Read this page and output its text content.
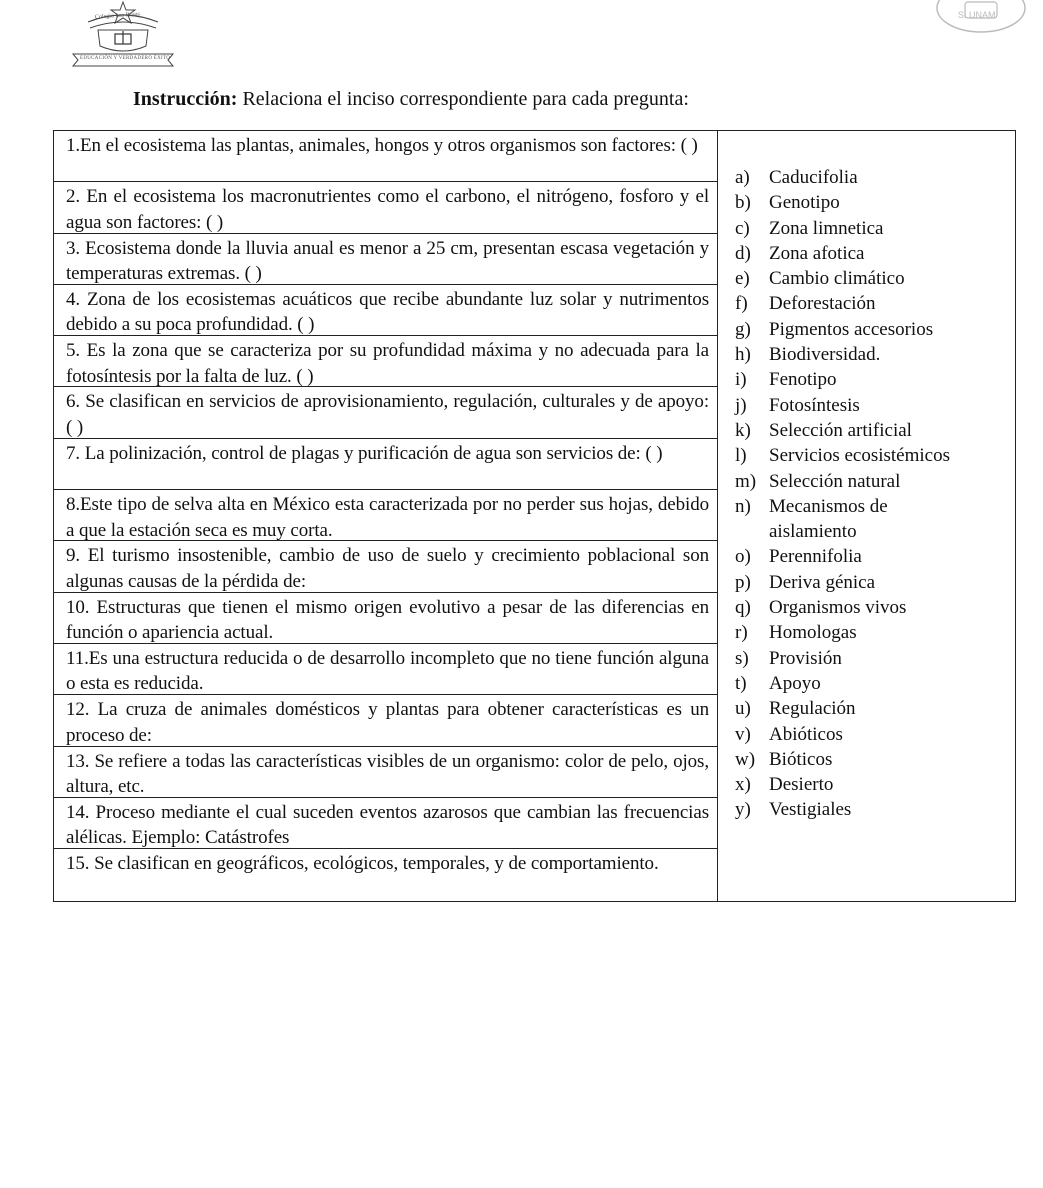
Colegio Las Rosas
EDUCACIÓN Y VERDADERO ÉXITO
SI UNAM
Instrucción: Relaciona el inciso correspondiente para cada pregunta:
1.En el ecosistema las plantas, animales, hongos y otros organismos son factores: ( )
2. En el ecosistema los macronutrientes como el carbono, el nitrógeno, fosforo y el agua son factores: ( )
3. Ecosistema donde la lluvia anual es menor a 25 cm, presentan escasa vegetación y temperaturas extremas. ( )
4. Zona de los ecosistemas acuáticos que recibe abundante luz solar y nutrimentos debido a su poca profundidad. ( )
5. Es la zona que se caracteriza por su profundidad máxima y no adecuada para la fotosíntesis por la falta de luz. ( )
6. Se clasifican en servicios de aprovisionamiento, regulación, culturales y de apoyo: ( )
7. La polinización, control de plagas y purificación de agua son servicios de: ( )
8.Este tipo de selva alta en México esta caracterizada por no perder sus hojas, debido a que la estación seca es muy corta.
9. El turismo insostenible, cambio de uso de suelo y crecimiento poblacional son algunas causas de la pérdida de:
10. Estructuras que tienen el mismo origen evolutivo a pesar de las diferencias en función o apariencia actual.
11.Es una estructura reducida o de desarrollo incompleto que no tiene función alguna o esta es reducida.
12. La cruza de animales domésticos y plantas para obtener características es un proceso de:
13. Se refiere a todas las características visibles de un organismo: color de pelo, ojos, altura, etc.
14. Proceso mediante el cual suceden eventos azarosos que cambian las frecuencias alélicas. Ejemplo: Catástrofes
15. Se clasifican en geográficos, ecológicos, temporales, y de comportamiento.
a)	Caducifolia
b) Genotipo
c)	Zona limnetica
d) Zona afotica
e)	Cambio climático
f)	Deforestación
g) Pigmentos accesorios
h) Biodiversidad.
i)	Fenotipo
j)	Fotosíntesis
k) Selección artificial
l)	Servicios ecosistémicos
m) Selección natural
n) Mecanismos de aislamiento
o) Perennifolia
p) Deriva génica
q) Organismos vivos
r)	Homologas
s)	Provisión
t)	Apoyo
u) Regulación
v) Abióticos
w) Bióticos
x) Desierto
y) Vestigiales
